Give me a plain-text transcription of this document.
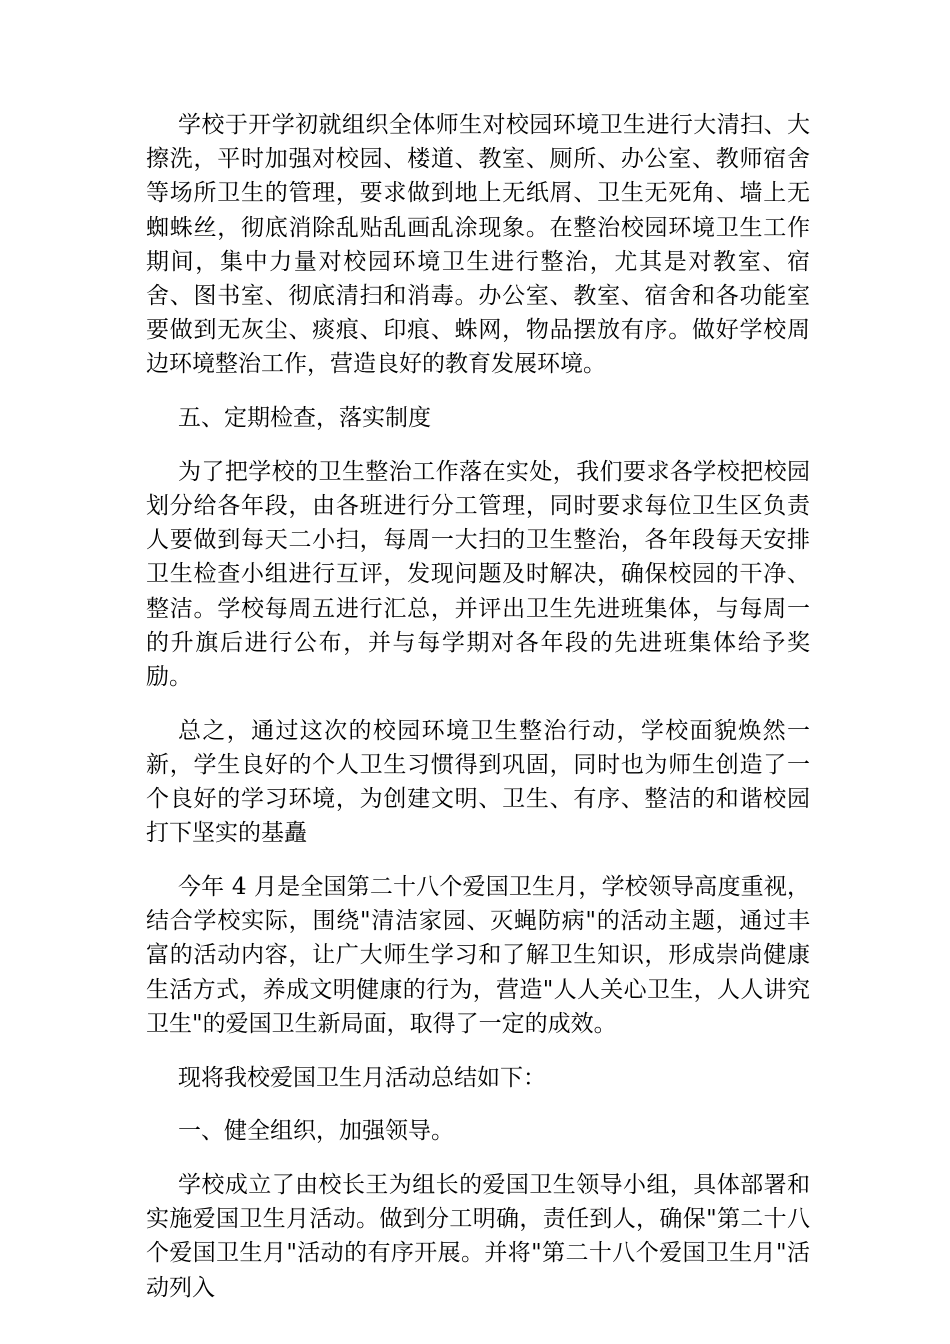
学校于开学初就组织全体师生对校园环境卫生进行大清扫、大擦洗，平时加强对校园、楼道、教室、厕所、办公室、教师宿舍等场所卫生的管理，要求做到地上无纸屑、卫生无死角、墙上无蜘蛛丝，彻底消除乱贴乱画乱涂现象。在整治校园环境卫生工作期间，集中力量对校园环境卫生进行整治，尤其是对教室、宿舍、图书室、彻底清扫和消毒。办公室、教室、宿舍和各功能室要做到无灰尘、痰痕、印痕、蛛网，物品摆放有序。做好学校周边环境整治工作，营造良好的教育发展环境。

五、定期检查，落实制度

为了把学校的卫生整治工作落在实处，我们要求各学校把校园划分给各年段，由各班进行分工管理，同时要求每位卫生区负责人要做到每天二小扫，每周一大扫的卫生整治，各年段每天安排卫生检查小组进行互评，发现问题及时解决，确保校园的干净、整洁。学校每周五进行汇总，并评出卫生先进班集体，与每周一的升旗后进行公布，并与每学期对各年段的先进班集体给予奖励。

总之，通过这次的校园环境卫生整治行动，学校面貌焕然一新，学生良好的个人卫生习惯得到巩固，同时也为师生创造了一个良好的学习环境，为创建文明、卫生、有序、整洁的和谐校园打下坚实的基矗

今年 4 月是全国第二十八个爱国卫生月，学校领导高度重视，结合学校实际，围绕"清洁家园、灭蝇防病"的活动主题，通过丰富的活动内容，让广大师生学习和了解卫生知识，形成崇尚健康生活方式，养成文明健康的行为，营造"人人关心卫生，人人讲究卫生"的爱国卫生新局面，取得了一定的成效。

现将我校爱国卫生月活动总结如下：

一、健全组织，加强领导。

学校成立了由校长王为组长的爱国卫生领导小组，具体部署和实施爱国卫生月活动。做到分工明确，责任到人，确保"第二十八个爱国卫生月"活动的有序开展。并将"第二十八个爱国卫生月"活动列入
